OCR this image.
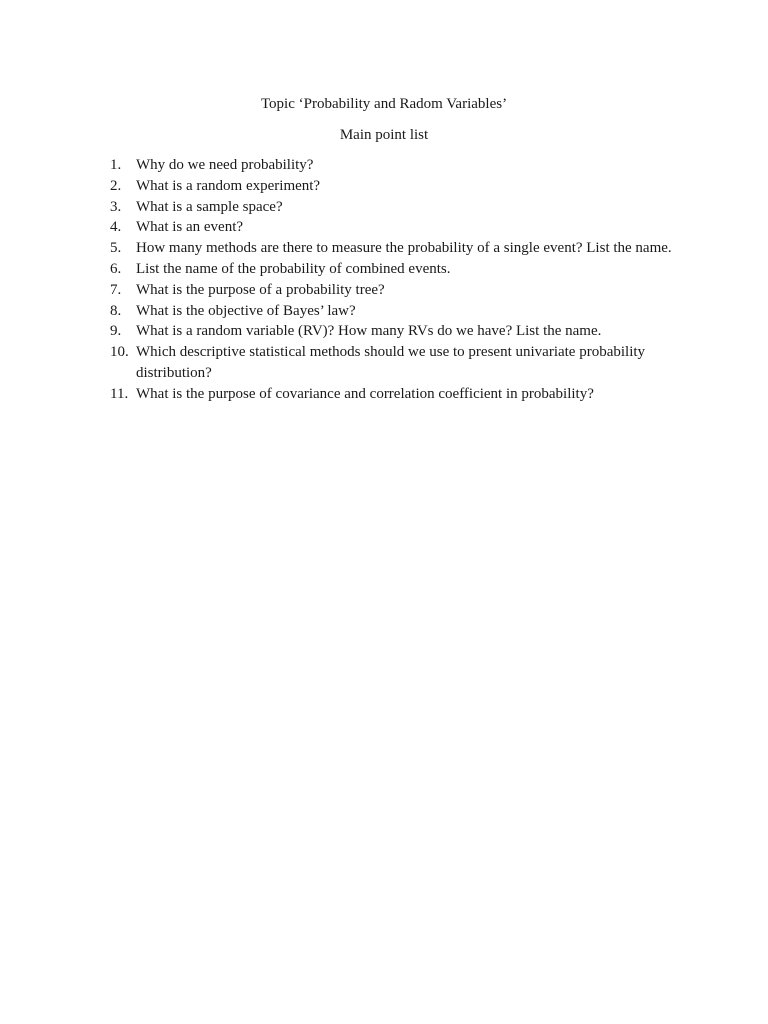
Topic ‘Probability and Radom Variables’
Main point list
1. Why do we need probability?
2. What is a random experiment?
3. What is a sample space?
4. What is an event?
5. How many methods are there to measure the probability of a single event? List the name.
6. List the name of the probability of combined events.
7. What is the purpose of a probability tree?
8. What is the objective of Bayes’ law?
9. What is a random variable (RV)? How many RVs do we have? List the name.
10. Which descriptive statistical methods should we use to present univariate probability distribution?
11. What is the purpose of covariance and correlation coefficient in probability?
